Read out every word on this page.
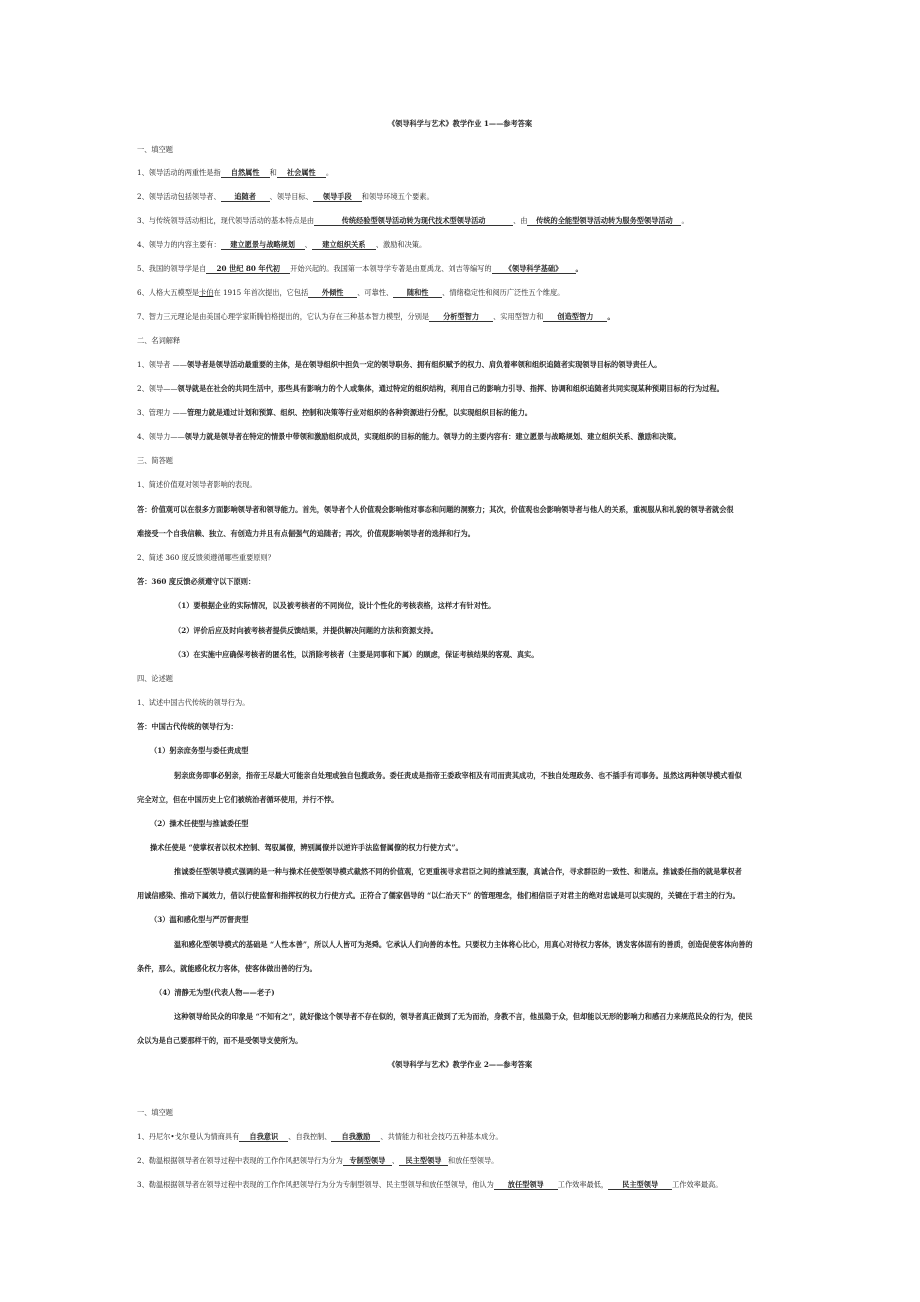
《领导科学与艺术》教学作业 1——参考答案
一、填空题
1、领导活动的两重性是指 自然属性 和 社会属性 。
2、领导活动包括领导者、 追随者 、领导目标、 领导手段 和领导环境五个要素。
3、与传统领导活动相比，现代领导活动的基本特点是由	传统经验型领导活动转为现代技术型领导活动	、由 传统的全能型领导活动转为服务型领导活动 。
4、领导力的内容主要有： 建立愿景与战略规划 、 建立组织关系 、激励和决策。
5、我国的领导学是自 20 世纪 80 年代初 开始兴起的。我国第一本领导学专著是由夏禹龙、刘吉等编写的 《领导科学基础》 。
6、人格大五模型是卡伯在 1915 年首次提出，它包括 外倾性 、可靠性、 随和性 、情绪稳定性和阅历广泛性五个维度。
7、智力三元理论是由美国心理学家斯腾伯格提出的，它认为存在三种基本智力模型，分别是 分析型智力 、实用型智力和 创造型智力 。
二、名词解释
1、领导者 ——领导者是领导活动最重要的主体，是在领导组织中担负一定的领导职务、拥有组织赋予的权力、肩负着率领和组织追随者实现领导目标的领导责任人。
2、领导——领导就是在社会的共同生活中，那些具有影响力的个人或集体，通过特定的组织结构，利用自己的影响力引导、指挥、协调和组织追随者共同实现某种预期目标的行为过程。
3、管理力 ——管理力就是通过计划和预算、组织、控制和决策等行业对组织的各种资源进行分配，以实现组织目标的能力。
4、领导力——领导力就是领导者在特定的情景中带领和激励组织成员，实现组织的目标的能力。领导力的主要内容有：建立愿景与战略规划、建立组织关系、激励和决策。
三、简答题
1、简述价值观对领导者影响的表现。
答：价值观可以在很多方面影响领导者和领导能力。首先，领导者个人价值观会影响他对事态和问题的洞察力；其次，价值观也会影响领导者与他人的关系，重视服从和礼貌的领导者就会很
难接受一个自我信赖、独立、有创造力并且有点倔强气的追随者；再次，价值观影响领导者的选择和行为。
2、简述 360 度反馈须遵循哪些重要原则？
答：360 度反馈必须遵守以下原则：
（1）要根据企业的实际情况，以及被考核者的不同岗位，设计个性化的考核表格，这样才有针对性。
（2）评价后应及时向被考核者提供反馈结果，并提供解决问题的方法和资源支持。
（3）在实施中应确保考核者的匿名性，以消除考核者（主要是同事和下属）的顾虑，保证考核结果的客观、真实。
四、论述题
1、试述中国古代传统的领导行为。
答：中国古代传统的领导行为：
（1）躬亲庶务型与委任责成型
躬亲庶务即事必躬亲，指帝王尽最大可能亲自处理或独自包揽政务。委任责成是指帝王委政宰相及有司而责其成功，不独自处理政务、也不插手有司事务。虽然这两种领导模式看似
完全对立，但在中国历史上它们被统治者循环使用，并行不悖。
（2）操术任使型与推诚委任型
操术任使是 “使掌权者以权术控制、驾驭属僚，辨别属僚并以逆许手法监督属僚的权力行使方式”。
推诚委任型领导模式强调的是一种与操术任使型领导模式截然不同的价值观，它更重视寻求君臣之间的推诚至腹，真诚合作，寻求群臣的一致性、和谐点。推诚委任指的就是掌权者
用诚信感染、推动下属效力，借以行使监督和指挥权的权力行使方式。正符合了儒家倡导的 “以仁治天下” 的管理理念，他们相信臣子对君主的绝对忠诚是可以实现的，关键在于君主的行为。
（3）温和感化型与严厉督责型
温和感化型领导模式的基础是 “人性本善”，所以人人皆可为尧舜。它承认人们向善的本性。只要权力主体将心比心，用真心对待权力客体，诱发客体固有的善质，创造促使客体向善的
条件，那么，就能感化权力客体，使客体做出善的行为。
（4）清静无为型(代表人物——老子)
这种领导给民众的印象是 “不知有之”，就好像这个领导者不存在似的，领导者真正做到了无为而治，身教不言，他虽隐于众，但却能以无形的影响力和感召力来规范民众的行为，使民
众以为是自己要那样干的，而不是受领导支使所为。
《领导科学与艺术》教学作业 2——参考答案
一、填空题
1、丹尼尔•戈尔曼认为情商具有 自我意识 、自我控制、 自我激励 、共情能力和社会技巧五种基本成分。
2、勒温根据领导者在领导过程中表现的工作作风把领导行为分为 专制型领导 、 民主型领导 和放任型领导。
3、勒温根据领导者在领导过程中表现的工作作风把领导行为分为专制型领导、民主型领导和放任型领导，他认为 放任型领导 工作效率最低， 民主型领导 工作效率最高。
